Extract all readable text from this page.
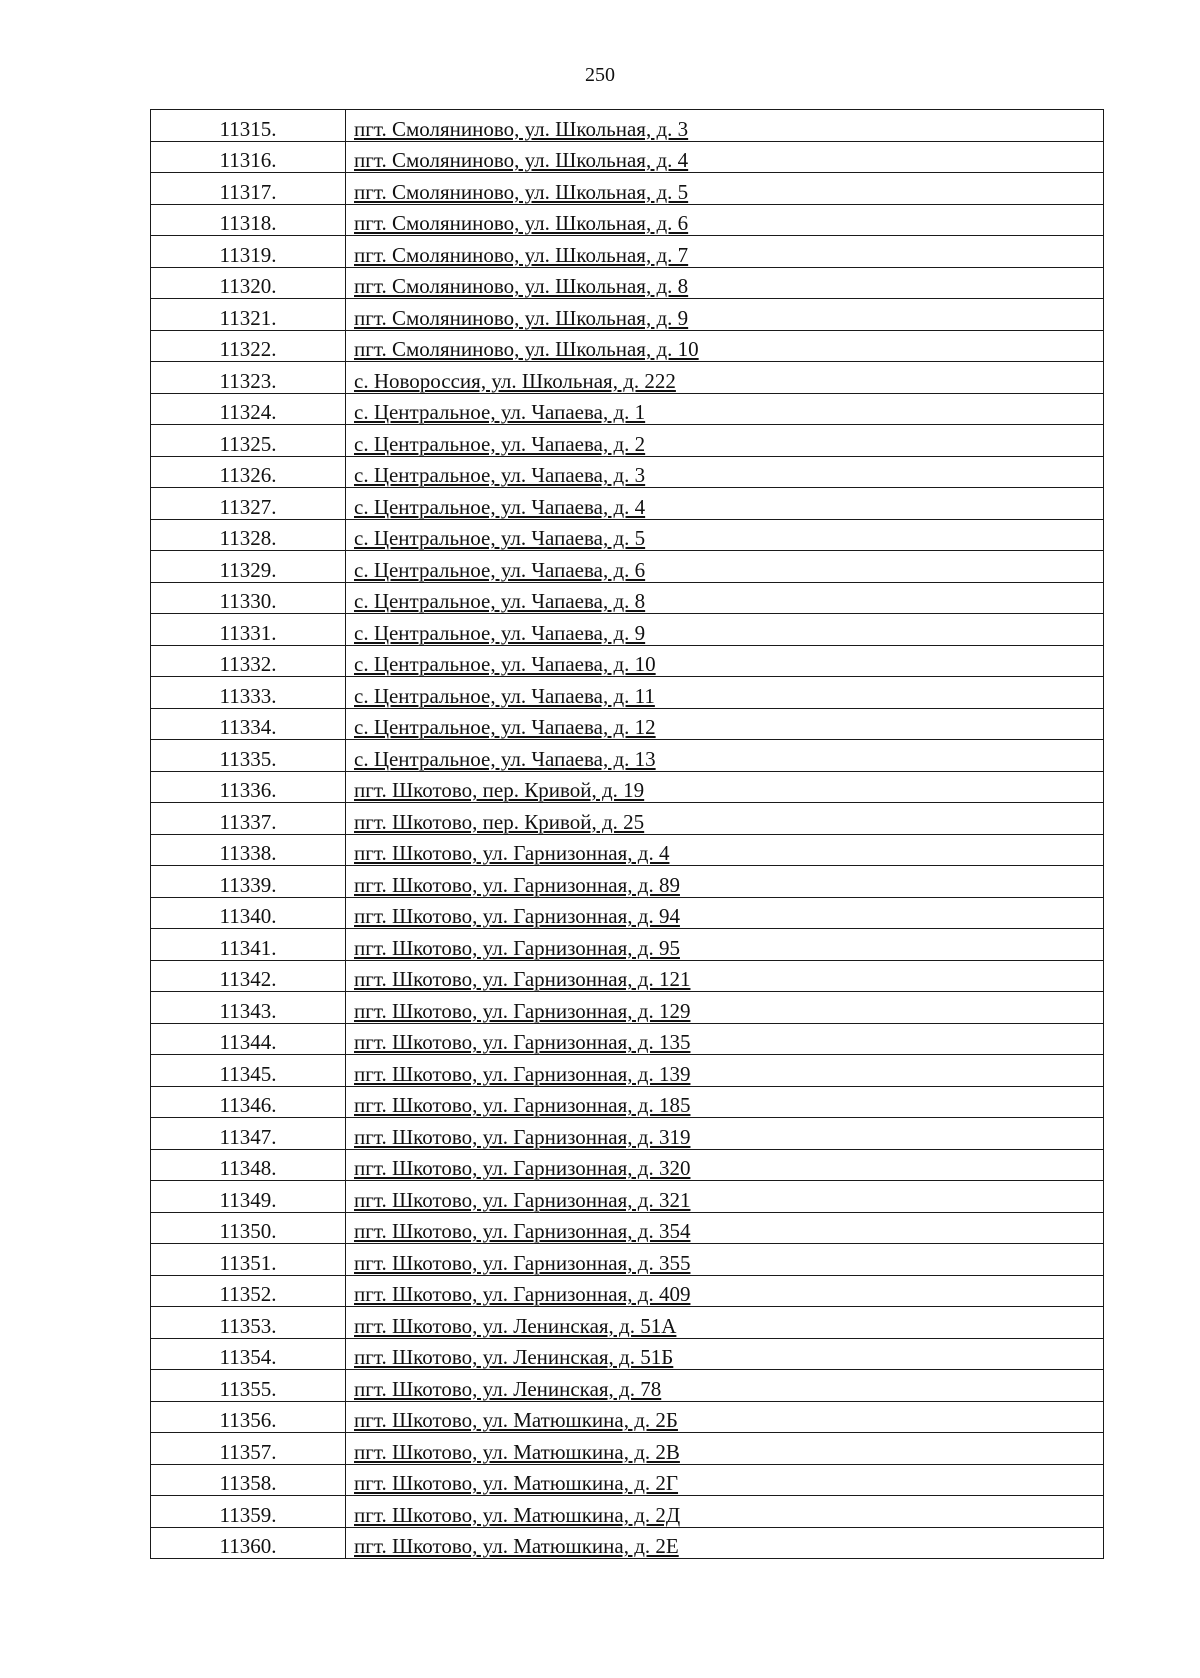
250
11315.	пгт. Смоляниново, ул. Школьная, д. 3
11316.	пгт. Смоляниново, ул. Школьная, д. 4
11317.	пгт. Смоляниново, ул. Школьная, д. 5
11318.	пгт. Смоляниново, ул. Школьная, д. 6
11319.	пгт. Смоляниново, ул. Школьная, д. 7
11320.	пгт. Смоляниново, ул. Школьная, д. 8
11321.	пгт. Смоляниново, ул. Школьная, д. 9
11322.	пгт. Смоляниново, ул. Школьная, д. 10
11323.	с. Новороссия, ул. Школьная, д. 222
11324.	с. Центральное, ул. Чапаева, д. 1
11325.	с. Центральное, ул. Чапаева, д. 2
11326.	с. Центральное, ул. Чапаева, д. 3
11327.	с. Центральное, ул. Чапаева, д. 4
11328.	с. Центральное, ул. Чапаева, д. 5
11329.	с. Центральное, ул. Чапаева, д. 6
11330.	с. Центральное, ул. Чапаева, д. 8
11331.	с. Центральное, ул. Чапаева, д. 9
11332.	с. Центральное, ул. Чапаева, д. 10
11333.	с. Центральное, ул. Чапаева, д. 11
11334.	с. Центральное, ул. Чапаева, д. 12
11335.	с. Центральное, ул. Чапаева, д. 13
11336.	пгт. Шкотово, пер. Кривой, д. 19
11337.	пгт. Шкотово, пер. Кривой, д. 25
11338.	пгт. Шкотово, ул. Гарнизонная, д. 4
11339.	пгт. Шкотово, ул. Гарнизонная, д. 89
11340.	пгт. Шкотово, ул. Гарнизонная, д. 94
11341.	пгт. Шкотово, ул. Гарнизонная, д. 95
11342.	пгт. Шкотово, ул. Гарнизонная, д. 121
11343.	пгт. Шкотово, ул. Гарнизонная, д. 129
11344.	пгт. Шкотово, ул. Гарнизонная, д. 135
11345.	пгт. Шкотово, ул. Гарнизонная, д. 139
11346.	пгт. Шкотово, ул. Гарнизонная, д. 185
11347.	пгт. Шкотово, ул. Гарнизонная, д. 319
11348.	пгт. Шкотово, ул. Гарнизонная, д. 320
11349.	пгт. Шкотово, ул. Гарнизонная, д. 321
11350.	пгт. Шкотово, ул. Гарнизонная, д. 354
11351.	пгт. Шкотово, ул. Гарнизонная, д. 355
11352.	пгт. Шкотово, ул. Гарнизонная, д. 409
11353.	пгт. Шкотово, ул. Ленинская, д. 51А
11354.	пгт. Шкотово, ул. Ленинская, д. 51Б
11355.	пгт. Шкотово, ул. Ленинская, д. 78
11356.	пгт. Шкотово, ул. Матюшкина, д. 2Б
11357.	пгт. Шкотово, ул. Матюшкина, д. 2В
11358.	пгт. Шкотово, ул. Матюшкина, д. 2Г
11359.	пгт. Шкотово, ул. Матюшкина, д. 2Д
11360.	пгт. Шкотово, ул. Матюшкина, д. 2Е
